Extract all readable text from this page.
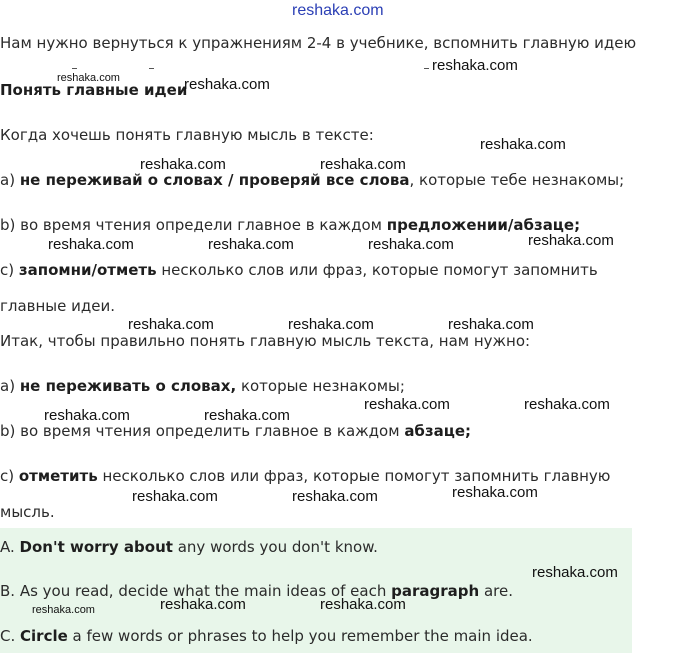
reshaka.com
Нам нужно вернуться к упражнениям 2-4 в учебнике, вспомнить главную идею
Понять главные идеи
Когда хочешь понять главную мысль в тексте:
a) не переживай о словах / проверяй все слова, которые тебе незнакомы;
b) во время чтения определи главное в каждом предложении/абзаце;
c) запомни/отметь несколько слов или фраз, которые помогут запомнить
главные идеи.
Итак, чтобы правильно понять главную мысль текста, нам нужно:
a) не переживать о словах, которые незнакомы;
b) во время чтения определить главное в каждом абзаце;
c) отметить несколько слов или фраз, которые помогут запомнить главную
мысль.
A. Don't worry about any words you don't know.
B. As you read, decide what the main ideas of each paragraph are.
C. Circle a few words or phrases to help you remember the main idea.
reshaka.com
reshaka.com
reshaka.com
reshaka.com
reshaka.com	reshaka.com
reshaka.com	reshaka.com	reshaka.com	reshaka.com
reshaka.com	reshaka.com	reshaka.com
reshaka.com	reshaka.com
reshaka.com	reshaka.com
reshaka.com	reshaka.com	reshaka.com
reshaka.com
reshaka.com	reshaka.com	reshaka.com
